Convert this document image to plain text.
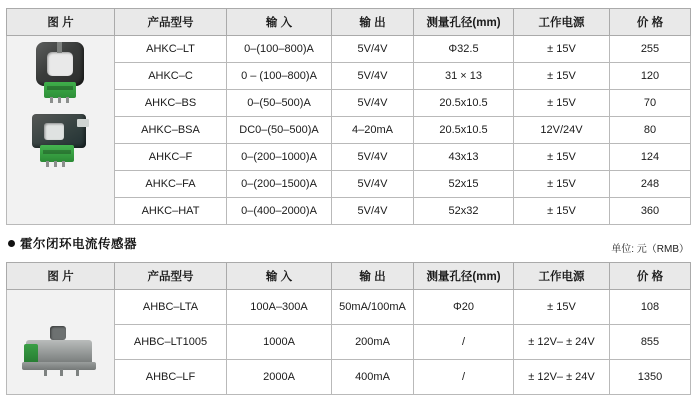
图 片	产品型号	输 入	输 出	测量孔径(mm)	工作电源	价 格

	AHKC–LT	0–(100–800)A	5V/4V	Φ32.5	± 15V	255
	AHKC–C	0 – (100–800)A	5V/4V	31 × 13	± 15V	120
	AHKC–BS	0–(50–500)A	5V/4V	20.5x10.5	± 15V	70
	AHKC–BSA	DC0–(50–500)A	4–20mA	20.5x10.5	12V/24V	80
	AHKC–F	0–(200–1000)A	5V/4V	43x13	± 15V	124
	AHKC–FA	0–(200–1500)A	5V/4V	52x15	± 15V	248
	AHKC–HAT	0–(400–2000)A	5V/4V	52x32	± 15V	360
霍尔闭环电流传感器	单位: 元（RMB）
图 片	产品型号	输 入	输 出	测量孔径(mm)	工作电源	价 格

	AHBC–LTA	100A–300A	50mA/100mA	Φ20	± 15V	108
	AHBC–LT1005	1000A	200mA	/	± 12V– ± 24V	855
	AHBC–LF	2000A	400mA	/	± 12V– ± 24V	1350
